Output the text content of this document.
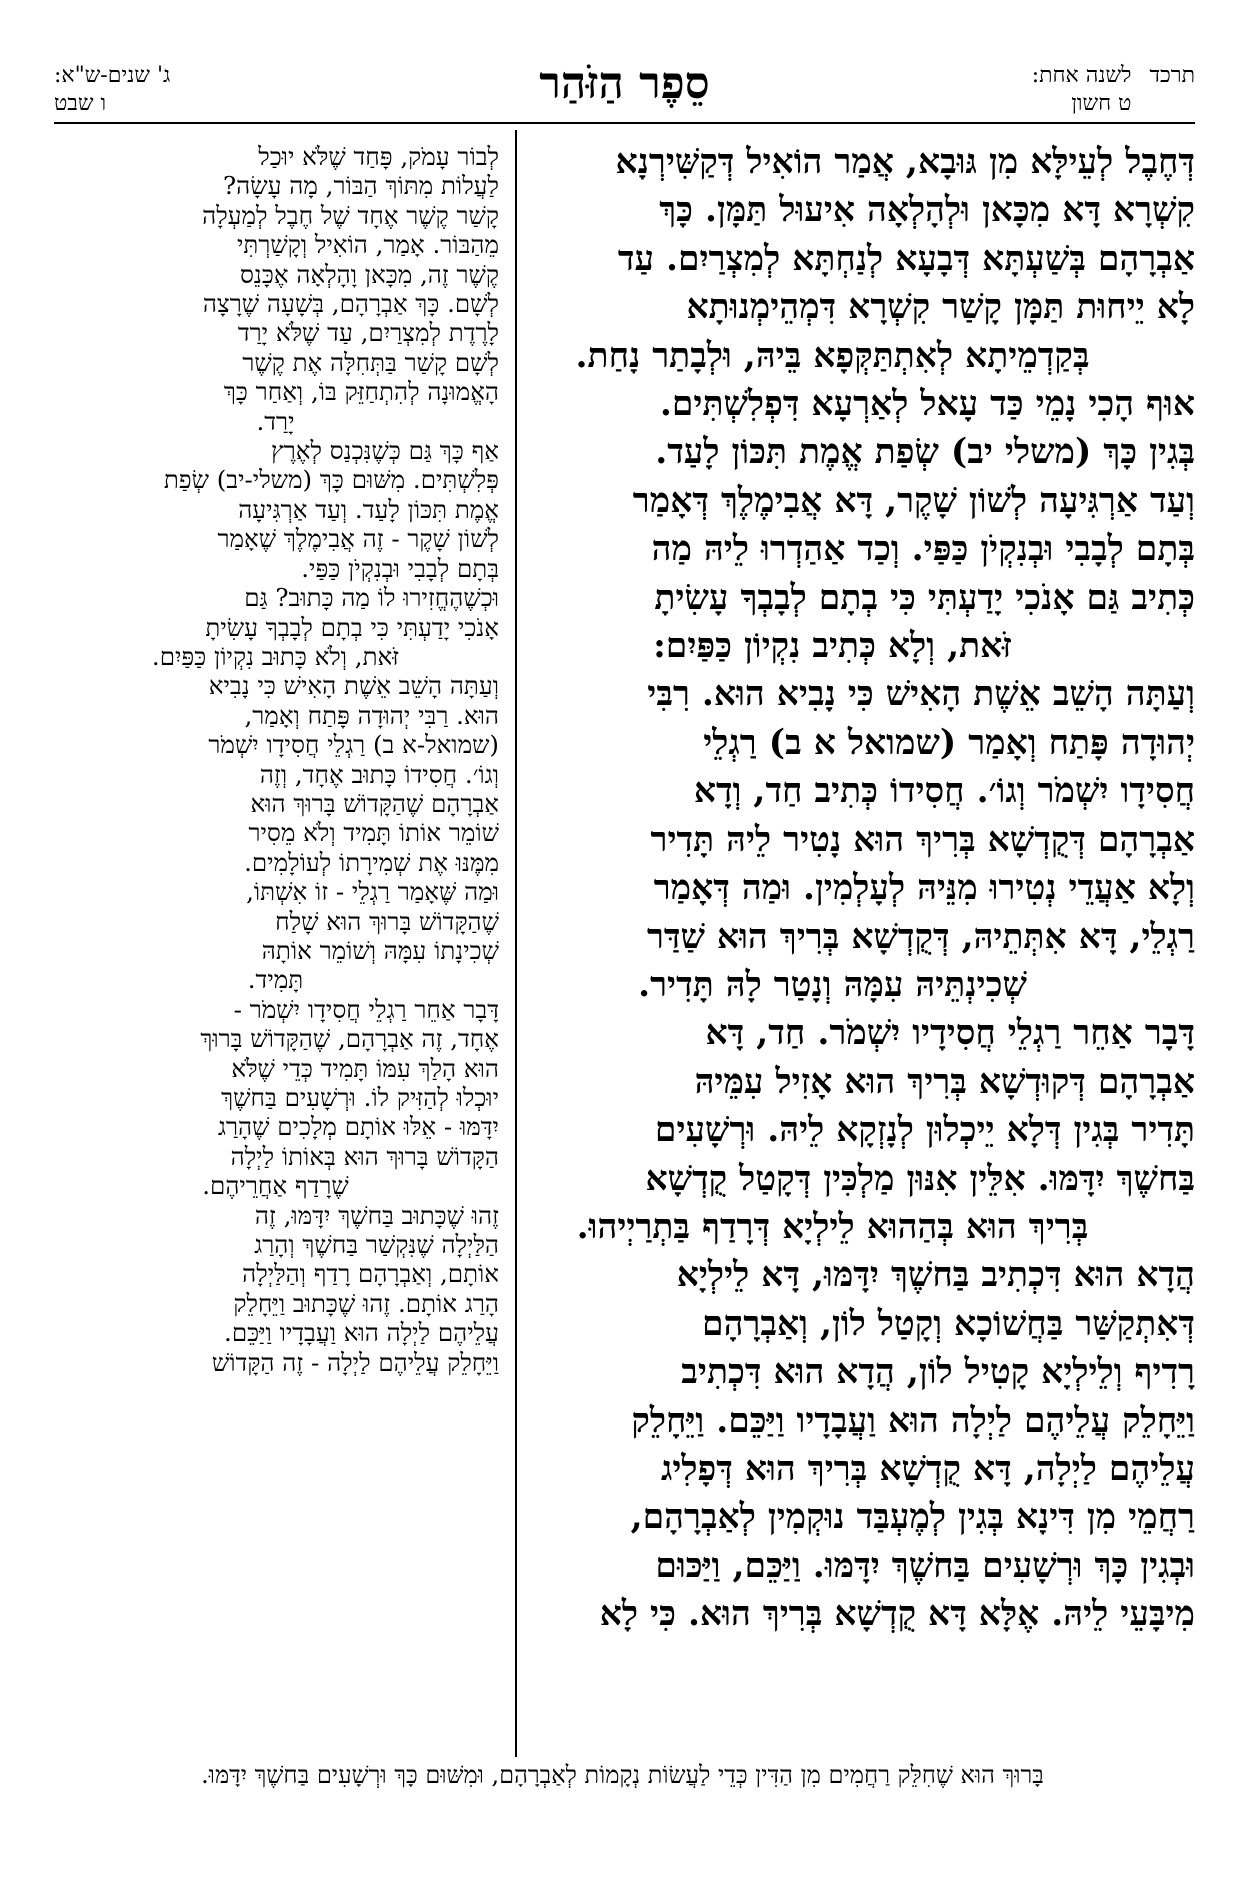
תרכד
לשנה אחת:
ט חשון
סֵפֶר הַזֹּהַר
ג' שנים-ש"א:
ו שבט
דְּחֶבֶל לְעֵילָּא מִן גּוּבָא, אֲמַר הוֹאִיל דְּקַשִּׁירְנָא
קִשְׁרָא דָּא מִכָּאן וּלְהָלְאָה אִיעוּל תַּמָּן. כָּךְ
אַבְרָהָם בְּשַׁעְתָּא דְּבָעָא לְנַחְתָּא לְמִצְרַיִם. עַד
לָא יֵיחוּת תַּמָּן קָשַׁר קִשְׁרָא דִּמְהֵימְנוּתָא
בְּקַדְמֵיתָא לְאִתְתַּקְּפָא בֵּיהּ, וּלְבָתַר נָחַת.
אוּף הָכִי נָמֵי כַּד עָאל לְאַרְעָא דִּפְלִשְׁתִּים.
בְּגִין כָּךְ (משלי יב) שְׂפַת אֱמֶת תִּכּוֹן לָעַד.
וְעַד אַרְגִּיעָה לְשׁוֹן שָׁקֶר, דָּא אֲבִימֶלֶךְ דְּאָמַר
בְּתָם לְבָבִי וּבְנִקְיֹן כַּפַּי. וְכַד אַהַדְרוּ לֵיהּ מַה
כְּתִיב גַּם אָנֹכִי יָדַעְתִּי כִּי בְתָם לְבָבְךָ עָשִׂיתָ
זֹּאת, וְלָא כְּתִיב נִקְיוֹן כַּפַּיִם:
וְעַתָּה הָשֵׁב אֵשֶׁת הָאִישׁ כִּי נָבִיא הוּא. רִבִּי
יְהוּדָה פָּתַח וְאָמַר (שמואל א ב) רַגְלֵי
חֲסִידָו יִשְׁמֹר וְגוֹ׳. חֲסִידוֹ כְּתִיב חַד, וְדָא
אַבְרָהָם דְּקֻדְשָׁא בְּרִיךְ הוּא נָטִיר לֵיהּ תָּדִיר
וְלָא אַעֲדֵי נְטִירוּ מִנֵּיהּ לְעָלְמִין. וּמַה דְּאָמַר
רַגְלֵי, דָּא אִתְּתֵיהּ, דְּקֻדְשָׁא בְּרִיךְ הוּא שַׁדַּר
שְׁכִינְתֵּיהּ עִמָּהּ וְנָטַר לָהּ תָּדִיר.
דָּבָר אַחֵר רַגְלֵי חֲסִידָיו יִשְׁמֹר. חַד, דָּא
אַבְרָהָם דְּקוּדְשָׁא בְּרִיךְ הוּא אָזִיל עִמֵּיהּ
תָּדִיר בְּגִין דְּלָא יֵיכְלוּן לְנָזְקָא לֵיהּ. וּרְשָׁעִים
בַּחשֶׁךְ יִדָּמּוּ. אִלֵּין אִנּוּן מַלְכִּין דְּקָטַל קֻדְשָׁא
בְּרִיךְ הוּא בְּהַהוּא לֵילְיָא דְּרָדַף בַּתְרַיְיהוּ.
הֲדָא הוּא דִּכְתִיב בַּחשֶׁךְ יִדָּמּוּ, דָּא לֵילְיָא
דְּאִתְקַשַּׁר בַּחֲשׁוֹכָא וְקָטַל לוֹן, וְאַבְרָהָם
רָדִיף וְלֵילְיָא קָטִיל לוֹן, הֲדָא הוּא דִּכְתִיב
וַיֵּחָלֵק עֲלֵיהֶם לַיְלָה הוּא וַעֲבָדָיו וַיַּכֵּם. וַיֵּחָלֵק
עֲלֵיהֶם לַיְלָה, דָּא קֻדְשָׁא בְּרִיךְ הוּא דְּפָלִיג
רַחֲמֵי מִן דִּינָא בְּגִין לְמֶעְבַּד נוּקְמִין לְאַבְרָהָם,
וּבְגִין כָּךְ וּרְשָׁעִים בַּחשֶׁךְ יִדָּמּוּ. וַיַּכֵּם, וַיַּכּוּם
מִיבָּעֵי לֵיהּ. אֶלָּא דָּא קֻדְשָׁא בְּרִיךְ הוּא. כִּי לָא
לְבוֹר עָמֹק, פָּחַד שֶׁלֹּא יוּכַל
לַעֲלוֹת מִתּוֹךְ הַבּוֹר, מָה עָשָׂה?
קָשַׁר קֶשֶׁר אֶחָד שֶׁל חֶבֶל לְמַעְלָה
מֵהַבּוֹר. אָמַר, הוֹאִיל וְקָשַׁרְתִּי
קֶשֶׁר זֶה, מִכָּאן וָהָלְאָה אֶכָּנֵס
לְשָׁם. כָּךְ אַבְרָהָם, בְּשָׁעָה שֶׁרָצָה
לָרֶדֶת לְמִצְרַיִם, עַד שֶׁלֹּא יָרַד
לְשָׁם קָשַׁר בַּתְּחִלָּה אֶת קֶשֶׁר
הָאֱמוּנָה לְהִתְחַזֵּק בּוֹ, וְאַחַר כָּךְ
יָרַד.
אַף כָּךְ גַּם כְּשֶׁנִּכְנַס לְאֶרֶץ
פְּלִשְׁתִּים. מִשּׁוּם כָּךְ (משלי-יב) שְׂפַת
אֱמֶת תִּכּוֹן לָעַד. וְעַד אַרְגִּיעָה
לְשׁוֹן שָׁקֶר - זֶה אֲבִימֶלֶךְ שֶׁאָמַר
בְּתָם לְבָבִי וּבְנִקְיֹן כַּפַּי.
וּכְשֶׁהֶחֱזִירוּ לוֹ מַה כָּתוּב? גַּם
אָנֹכִי יָדַעְתִּי כִּי בְתָם לְבָבְךָ עָשִׂיתָ
זֹּאת, וְלֹא כָּתוּב נִקְיוֹן כַּפַּיִם.
וְעַתָּה הָשֵׁב אֵשֶׁת הָאִישׁ כִּי נָבִיא
הוּא. רַבִּי יְהוּדָה פָּתַח וְאָמַר,
(שמואל-א ב) רַגְלֵי חֲסִידָו יִשְׁמֹר
וְגוֹ׳. חֲסִידוֹ כָּתוּב אֶחָד, וְזֶה
אַבְרָהָם שֶׁהַקָּדוֹשׁ בָּרוּךְ הוּא
שׁוֹמֵר אוֹתוֹ תָּמִיד וְלֹא מֵסִיר
מִמֶּנּוּ אֶת שְׁמִירָתוֹ לְעוֹלָמִים.
וּמַה שֶּׁאָמַר רַגְלֵי - זוֹ אִשְׁתּוֹ,
שֶׁהַקָּדוֹשׁ בָּרוּךְ הוּא שָׁלַח
שְׁכִינָתוֹ עִמָּהּ וְשׁוֹמֵר אוֹתָהּ
תָּמִיד.
דָּבָר אַחֵר רַגְלֵי חֲסִידָו יִשְׁמֹר -
אֶחָד, זֶה אַבְרָהָם, שֶׁהַקָּדוֹשׁ בָּרוּךְ
הוּא הָלַךְ עִמּוֹ תָּמִיד כְּדֵי שֶׁלֹּא
יוּכְלוּ לְהַזִּיק לוֹ. וּרְשָׁעִים בַּחשֶׁךְ
יִדָּמּוּ - אֵלּוּ אוֹתָם מְלָכִים שֶׁהָרַג
הַקָּדוֹשׁ בָּרוּךְ הוּא בְּאוֹתוֹ לַיְלָה
שֶׁרָדַף אַחֲרֵיהֶם.
זֶהוּ שֶׁכָּתוּב בַּחשֶׁךְ יִדָּמּוּ, זֶה
הַלַּיְלָה שֶׁנִּקְשַׁר בַּחשֶׁךְ וְהָרַג
אוֹתָם, וְאַבְרָהָם רָדַף וְהַלַּיְלָה
הָרַג אוֹתָם. זֶהוּ שֶׁכָּתוּב וַיֵּחָלֵק
עֲלֵיהֶם לַיְלָה הוּא וַעֲבָדָיו וַיַּכֵּם.
וַיֵּחָלֵק עֲלֵיהֶם לַיְלָה - זֶה הַקָּדוֹשׁ
בָּרוּךְ הוּא שֶׁחִלֵּק רַחֲמִים מִן הַדִּין כְּדֵי לַעֲשׂוֹת נְקָמוֹת לְאַבְרָהָם, וּמִשּׁוּם כָּךְ וּרְשָׁעִים בַּחשֶׁךְ יִדָּמּוּ.
